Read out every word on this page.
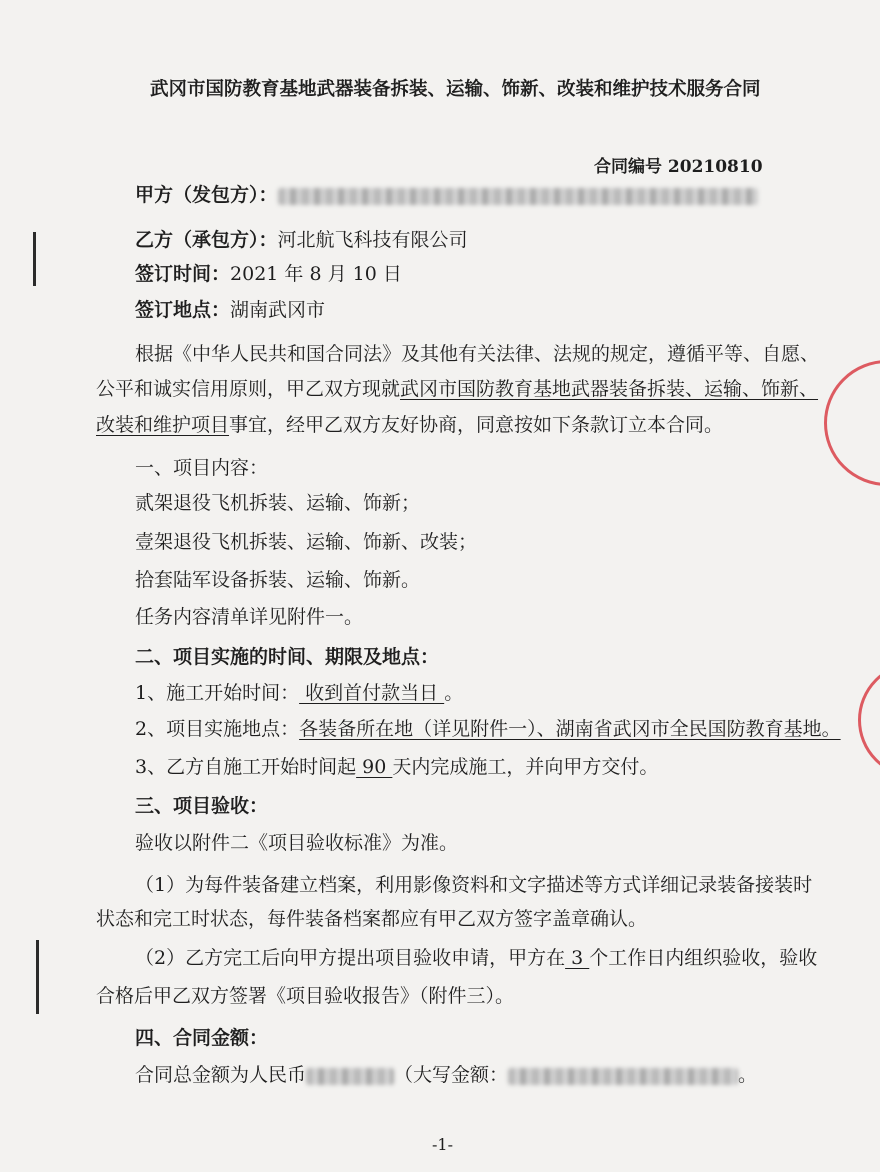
武冈市国防教育基地武器装备拆装、运输、饰新、改装和维护技术服务合同
合同编号 20210810
甲方（发包方）：
乙方（承包方）：河北航飞科技有限公司
签订时间：2021 年 8 月 10 日
签订地点：湖南武冈市
根据《中华人民共和国合同法》及其他有关法律、法规的规定，遵循平等、自愿、
公平和诚实信用原则，甲乙双方现就武冈市国防教育基地武器装备拆装、运输、饰新、
改装和维护项目事宜，经甲乙双方友好协商，同意按如下条款订立本合同。
一、项目内容：
贰架退役飞机拆装、运输、饰新；
壹架退役飞机拆装、运输、饰新、改装；
拾套陆军设备拆装、运输、饰新。
任务内容清单详见附件一。
二、项目实施的时间、期限及地点：
1、施工开始时间： 收到首付款当日 。
2、项目实施地点：各装备所在地（详见附件一）、湖南省武冈市全民国防教育基地。
3、乙方自施工开始时间起 90 天内完成施工，并向甲方交付。
三、项目验收：
验收以附件二《项目验收标准》为准。
（1）为每件装备建立档案，利用影像资料和文字描述等方式详细记录装备接装时
状态和完工时状态，每件装备档案都应有甲乙双方签字盖章确认。
（2）乙方完工后向甲方提出项目验收申请，甲方在 3 个工作日内组织验收，验收
合格后甲乙双方签署《项目验收报告》（附件三）。
四、合同金额：
合同总金额为人民币	（大写金额：	。
-1-
